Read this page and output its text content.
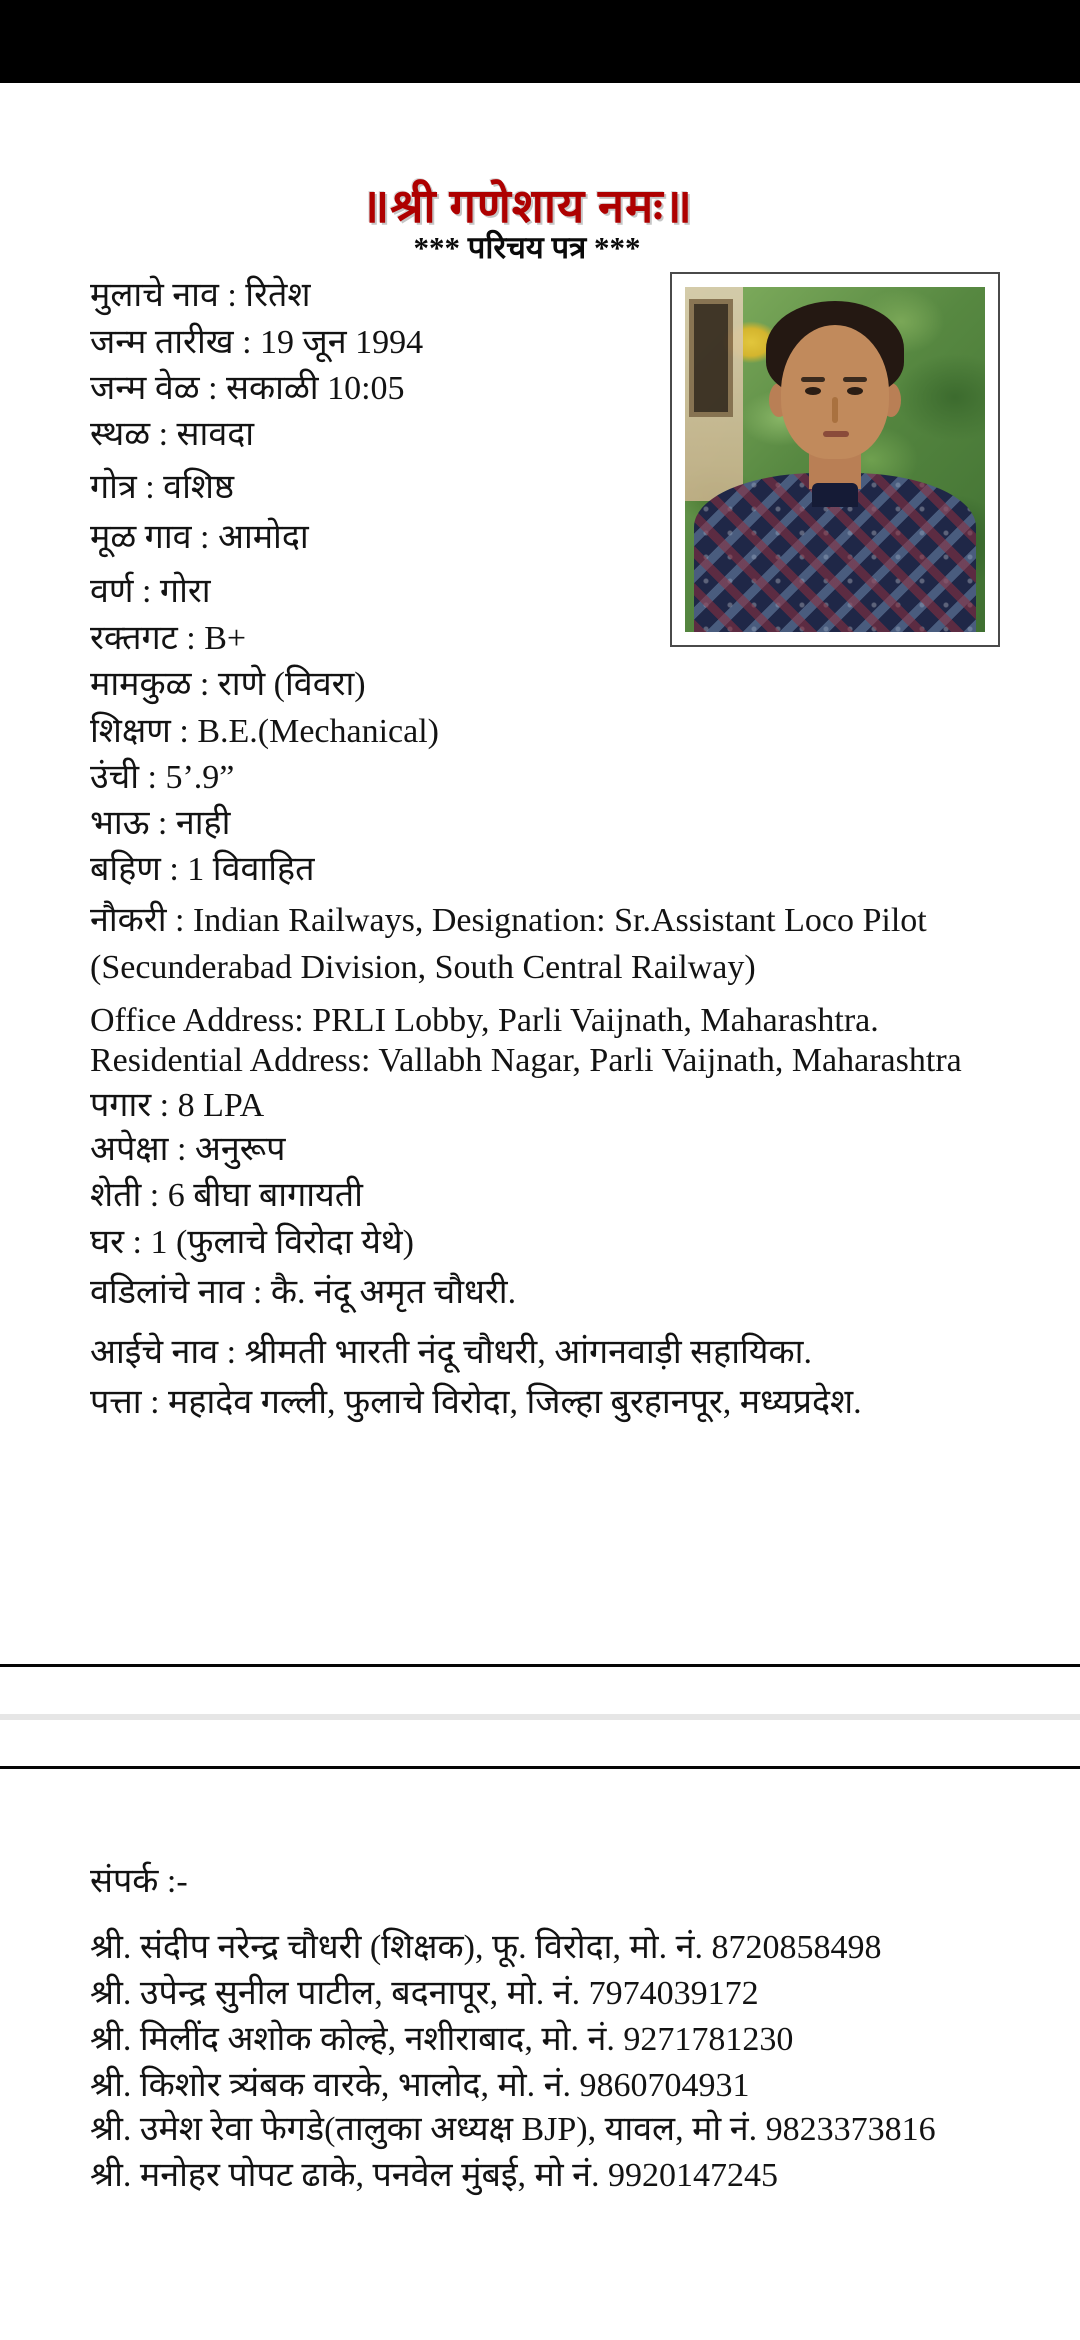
॥श्री गणेशाय नमः॥
*** परिचय पत्र ***
मुलाचे नाव : रितेश
जन्म तारीख : 19 जून 1994
जन्म वेळ : सकाळी 10:05
स्थळ : सावदा
गोत्र : वशिष्ठ
मूळ गाव : आमोदा
वर्ण : गोरा
रक्तगट : B+
मामकुळ : राणे (विवरा)
शिक्षण : B.E.(Mechanical)
उंची : 5’.9”
भाऊ : नाही
बहिण : 1 विवाहित
नौकरी : Indian Railways, Designation: Sr.Assistant Loco Pilot
(Secunderabad Division, South Central Railway)
Office Address: PRLI Lobby, Parli Vaijnath, Maharashtra.
Residential Address: Vallabh Nagar, Parli Vaijnath, Maharashtra
पगार : 8 LPA
अपेक्षा : अनुरूप
शेती : 6 बीघा बागायती
घर : 1 (फुलाचे विरोदा येथे)
वडिलांचे नाव : कै. नंदू अमृत चौधरी.
आईचे नाव : श्रीमती भारती नंदू चौधरी, आंगनवाड़ी सहायिका.
पत्ता : महादेव गल्ली, फुलाचे विरोदा, जिल्हा बुरहानपूर, मध्यप्रदेश.
संपर्क :-
श्री. संदीप नरेन्द्र चौधरी (शिक्षक), फू. विरोदा, मो. नं. 8720858498
श्री. उपेन्द्र सुनील पाटील, बदनापूर, मो. नं. 7974039172
श्री. मिलींद अशोक कोल्हे, नशीराबाद, मो. नं. 9271781230
श्री. किशोर त्र्यंबक वारके, भालोद, मो. नं. 9860704931
श्री. उमेश रेवा फेगडे(तालुका अध्यक्ष BJP), यावल, मो नं. 9823373816
श्री. मनोहर पोपट ढाके, पनवेल मुंबई, मो नं. 9920147245
